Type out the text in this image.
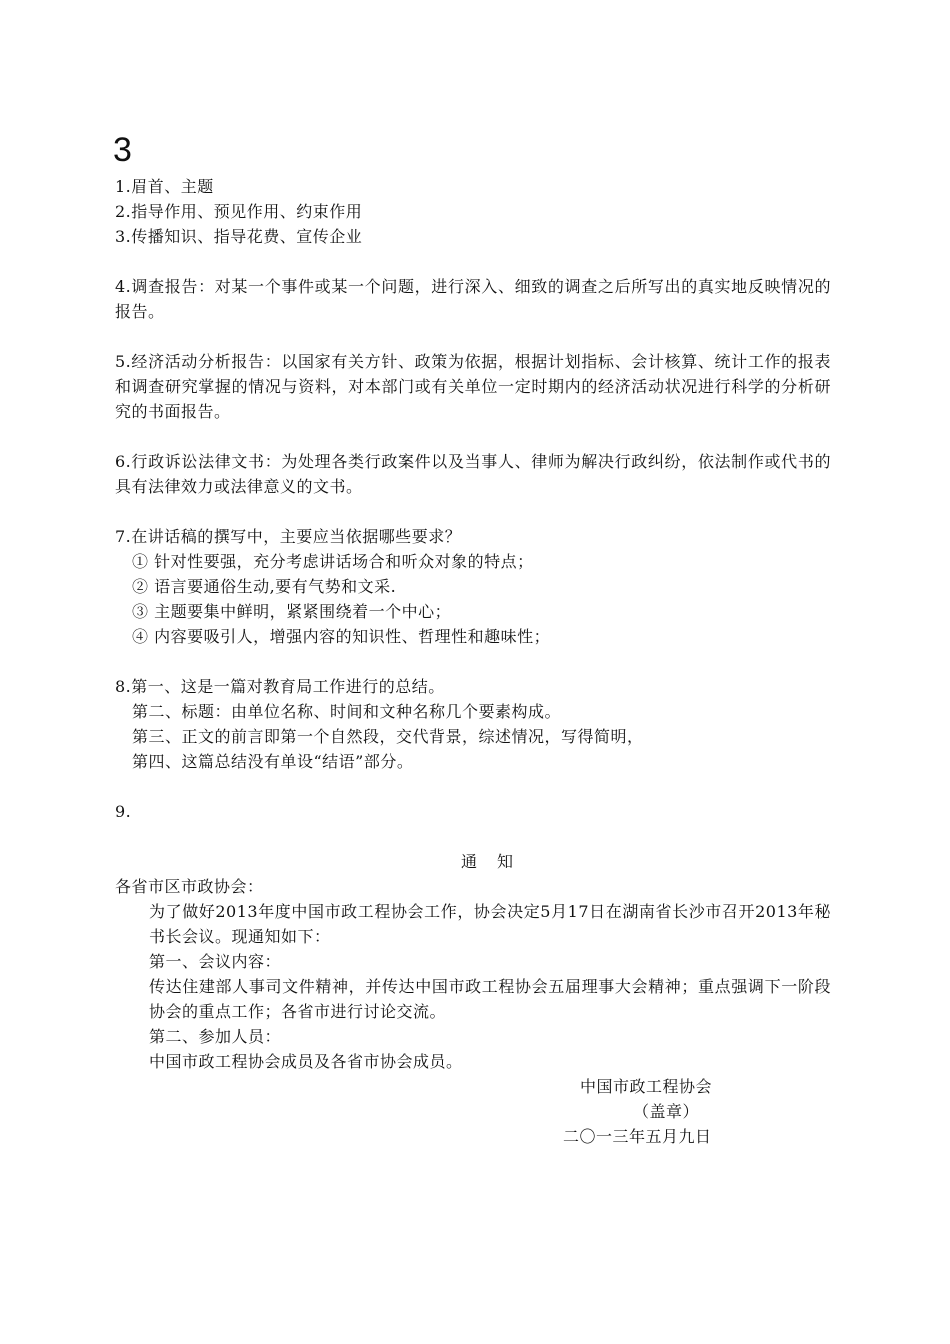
3
1.眉首、主题
2.指导作用、预见作用、约束作用
3.传播知识、指导花费、宣传企业
4.调查报告：对某一个事件或某一个问题，进行深入、细致的调查之后所写出的真实地反映情况的报告。
5.经济活动分析报告：以国家有关方针、政策为依据，根据计划指标、会计核算、统计工作的报表和调查研究掌握的情况与资料，对本部门或有关单位一定时期内的经济活动状况进行科学的分析研究的书面报告。
6.行政诉讼法律文书：为处理各类行政案件以及当事人、律师为解决行政纠纷，依法制作或代书的具有法律效力或法律意义的文书。
7.在讲话稿的撰写中，主要应当依据哪些要求？
① 针对性要强，充分考虑讲话场合和听众对象的特点；
② 语言要通俗生动,要有气势和文采.
③ 主题要集中鲜明，紧紧围绕着一个中心；
④ 内容要吸引人，增强内容的知识性、哲理性和趣味性；
8.第一、这是一篇对教育局工作进行的总结。
第二、标题：由单位名称、时间和文种名称几个要素构成。
第三、正文的前言即第一个自然段，交代背景，综述情况，写得简明，
第四、这篇总结没有单设“结语”部分。
9.
通 知
各省市区市政协会：
为了做好2013年度中国市政工程协会工作，协会决定5月17日在湖南省长沙市召开2013年秘书长会议。现通知如下：
第一、会议内容：
传达住建部人事司文件精神，并传达中国市政工程协会五届理事大会精神；重点强调下一阶段协会的重点工作；各省市进行讨论交流。
第二、参加人员：
中国市政工程协会成员及各省市协会成员。
中国市政工程协会
（盖章）
二〇一三年五月九日
